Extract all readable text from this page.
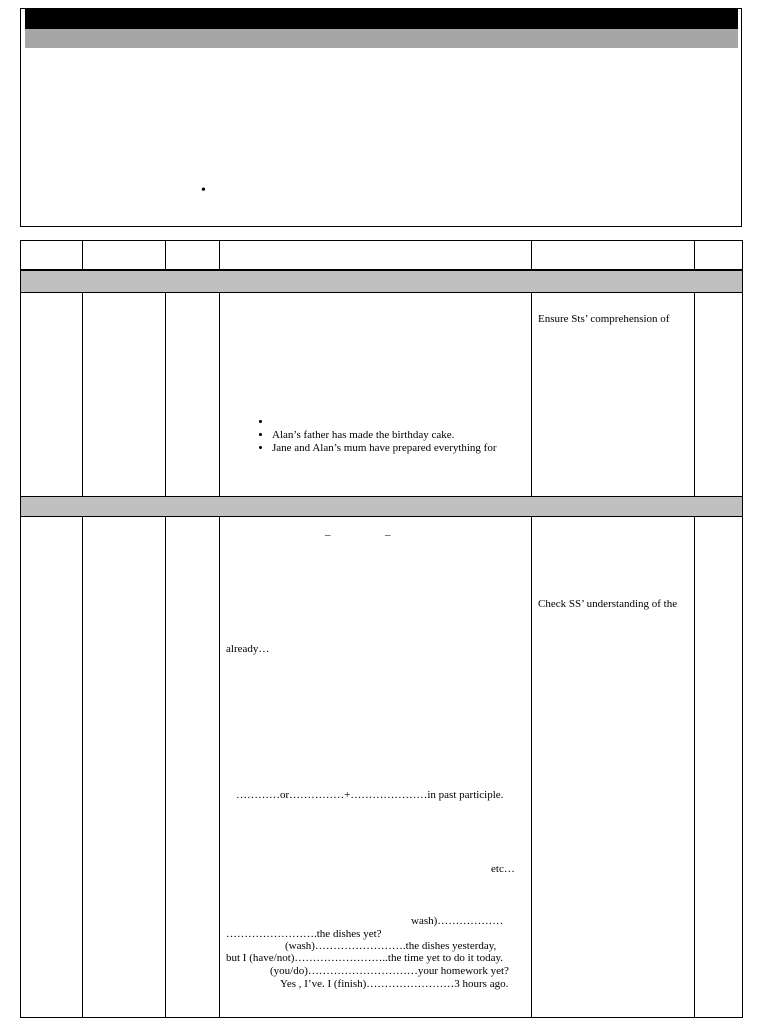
•
Ensure Sts’ comprehension of
•
• Alan’s father has made the birthday cake.
• Jane and Alan’s mum have prepared everything for
–	–
Check SS’ understanding of the
already…
…………or……………+…………………in past participle.
etc…
wash)………………
…………………….the dishes yet?
(wash)…………………….the dishes yesterday,
but I (have/not)……………………..the time yet to do it today.
(you/do)…………………………your homework yet?
Yes , I’ve. I (finish)……………………3 hours ago.
